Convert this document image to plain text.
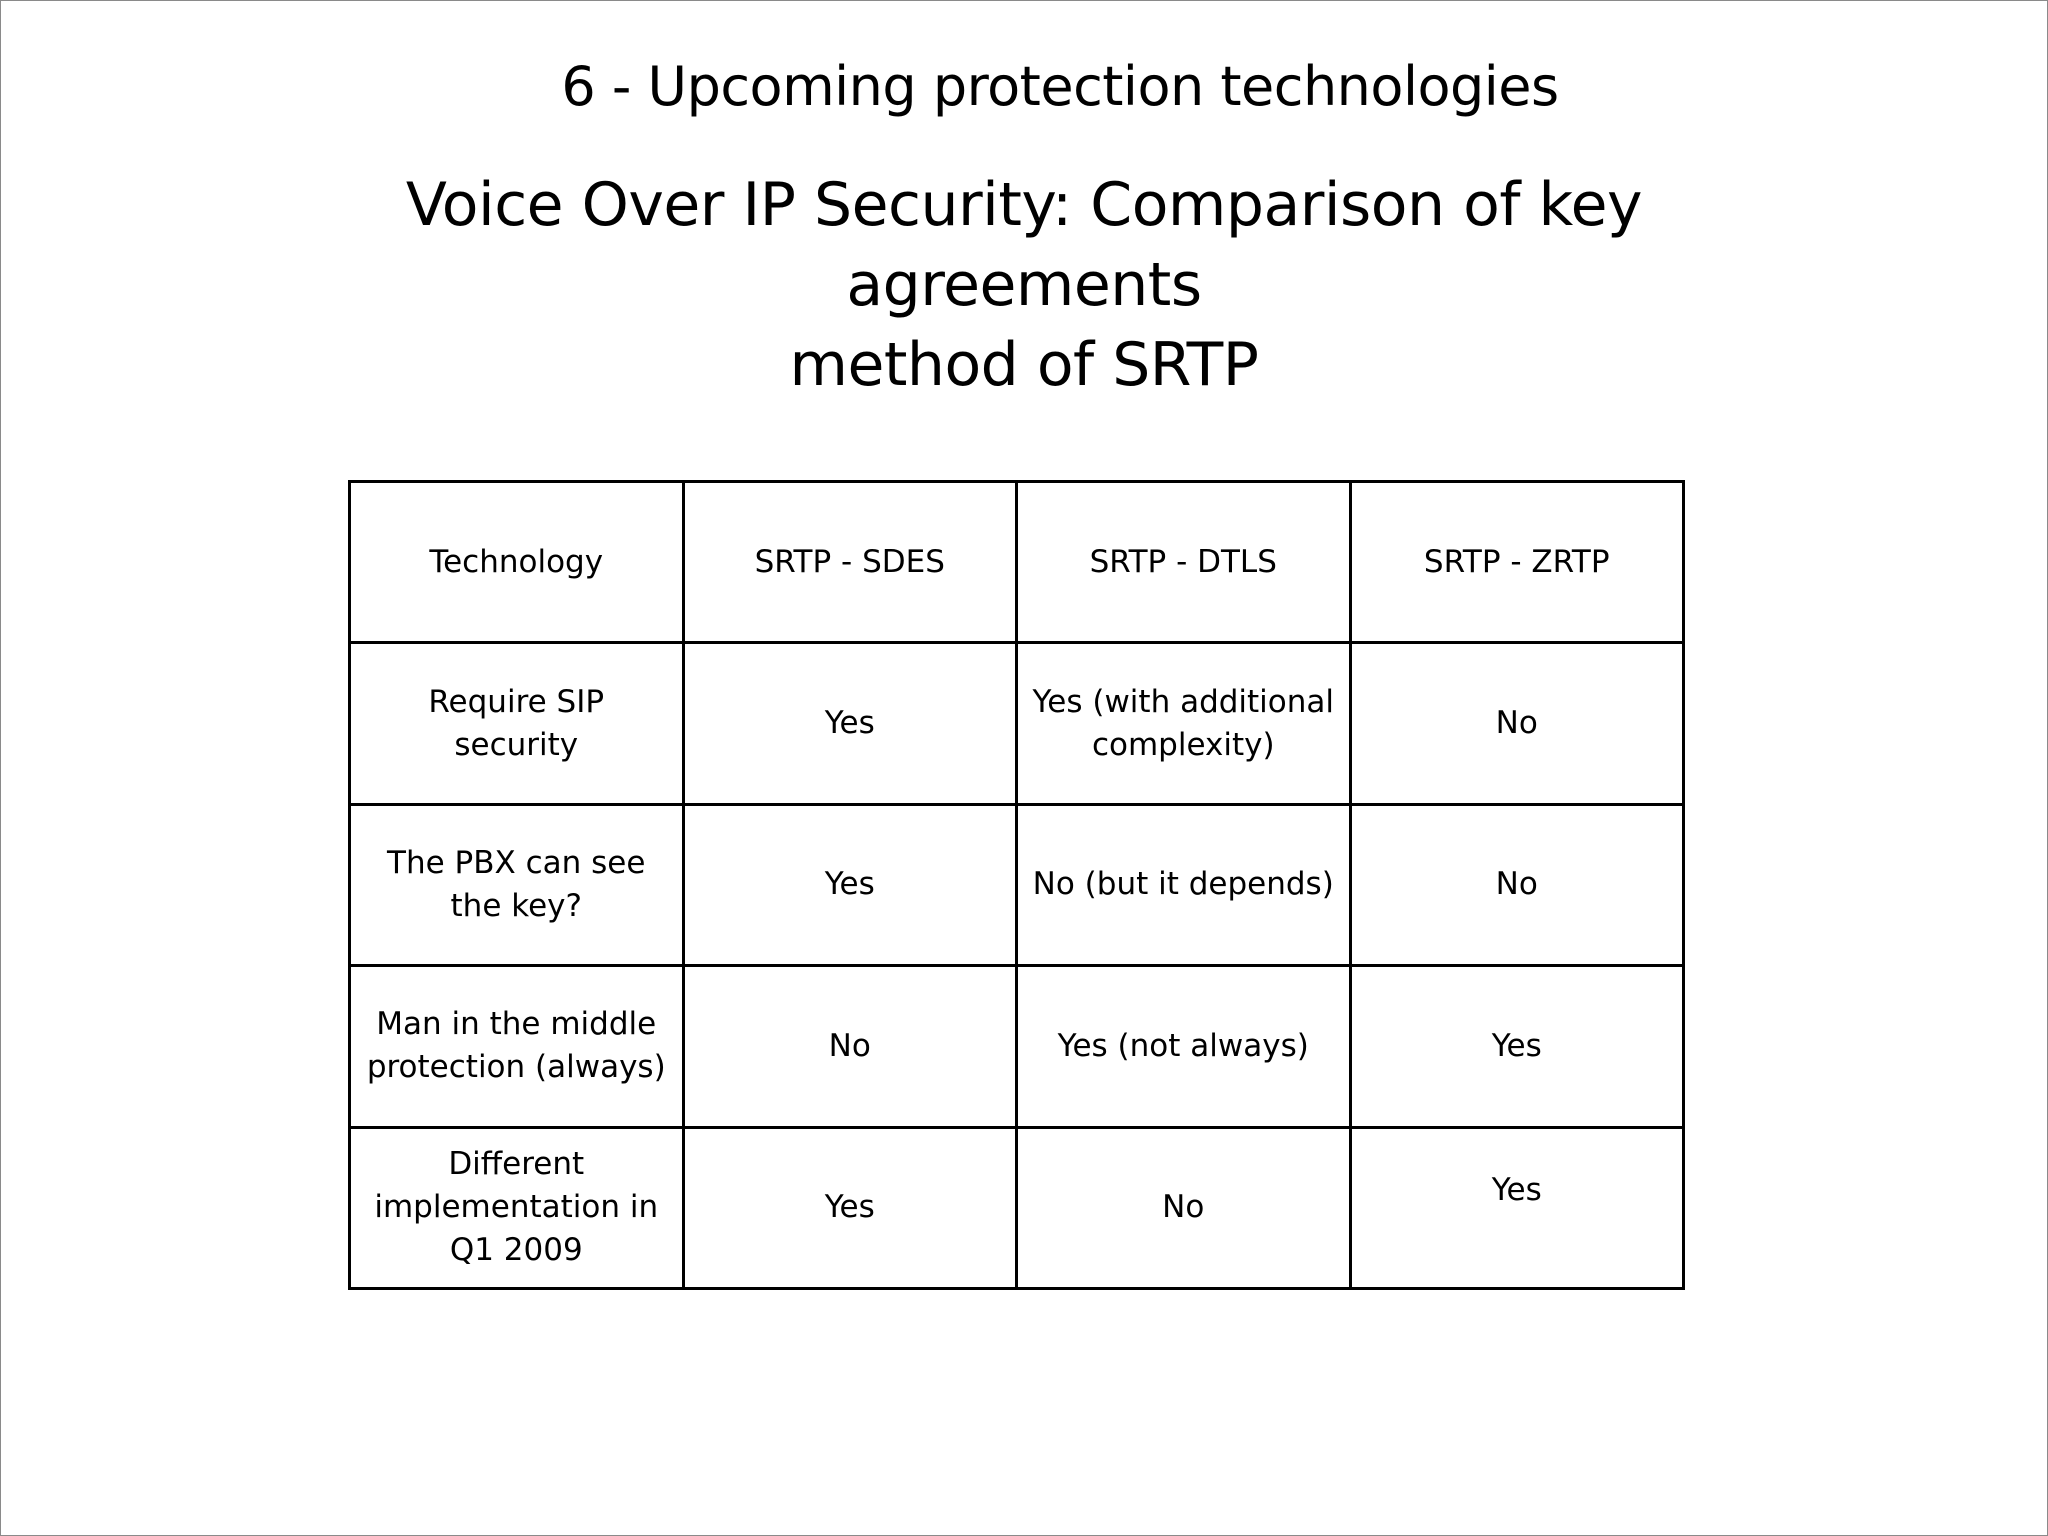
6 - Upcoming protection technologies
Voice Over IP Security: Comparison of key agreements
method of SRTP
Technology	SRTP - SDES	SRTP - DTLS	SRTP - ZRTP
Require SIP security	Yes	Yes (with additional complexity)	No
The PBX can see the key?	Yes	No (but it depends)	No
Man in the middle protection (always)	No	Yes (not always)	Yes
Different implementation in Q1 2009	Yes	No	Yes
